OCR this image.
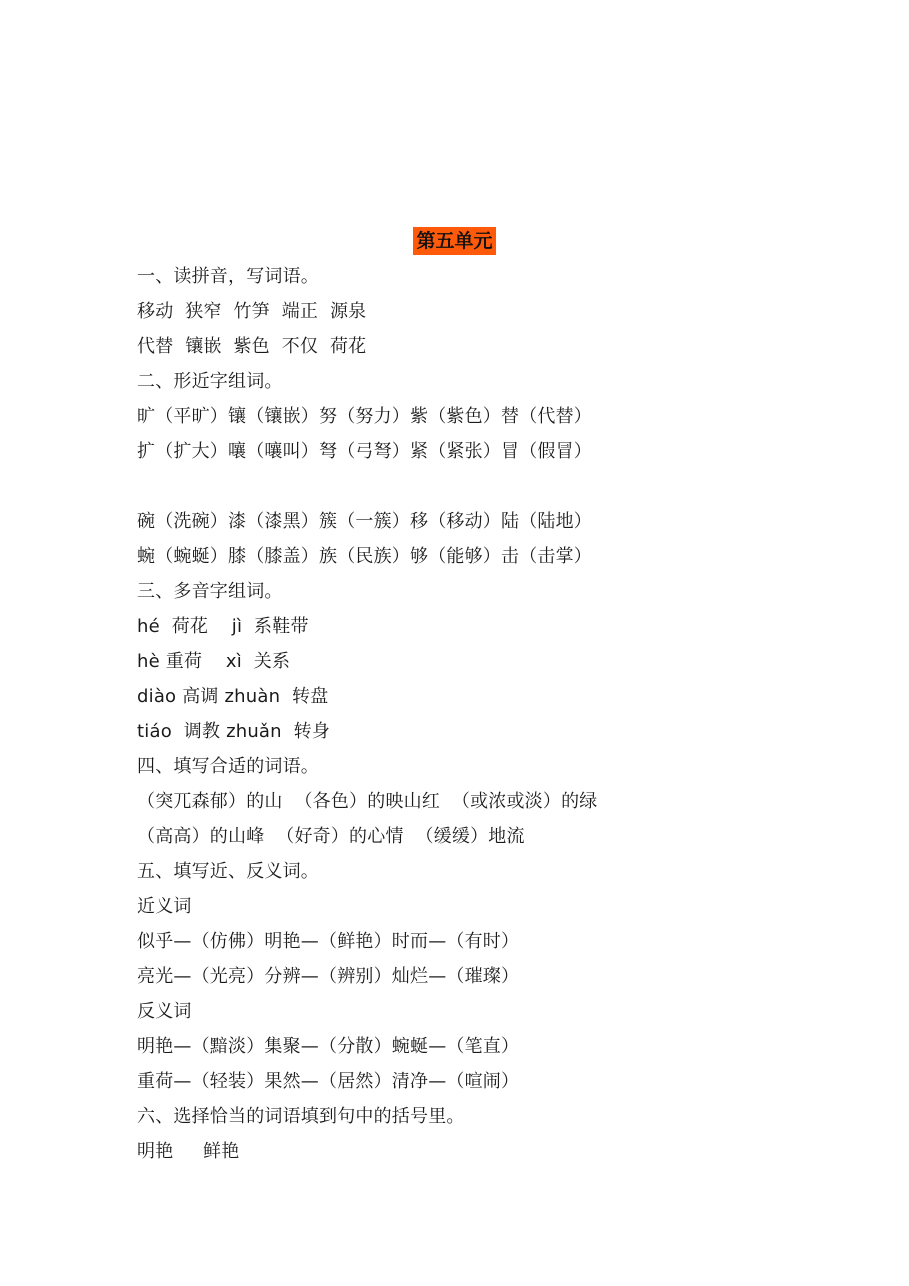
第五单元
一、读拼音，写词语。
移动  狭窄  竹笋  端正  源泉
代替  镶嵌  紫色  不仅  荷花
二、形近字组词。
旷（平旷）镶（镶嵌）努（努力）紫（紫色）替（代替）
扩（扩大）嚷（嚷叫）弩（弓弩）紧（紧张）冒（假冒）
碗（洗碗）漆（漆黑）簇（一簇）移（移动）陆（陆地）
蜿（蜿蜒）膝（膝盖）族（民族）够（能够）击（击掌）
三、多音字组词。
hé  荷花    jì  系鞋带
hè 重荷    xì  关系
diào 高调 zhuàn  转盘
tiáo  调教 zhuǎn  转身
四、填写合适的词语。
（突兀森郁）的山  （各色）的映山红  （或浓或淡）的绿
（高高）的山峰  （好奇）的心情  （缓缓）地流
五、填写近、反义词。
近义词
似乎—（仿佛）明艳—（鲜艳）时而—（有时）
亮光—（光亮）分辨—（辨别）灿烂—（璀璨）
反义词
明艳—（黯淡）集聚—（分散）蜿蜒—（笔直）
重荷—（轻装）果然—（居然）清净—（喧闹）
六、选择恰当的词语填到句中的括号里。
明艳     鲜艳
